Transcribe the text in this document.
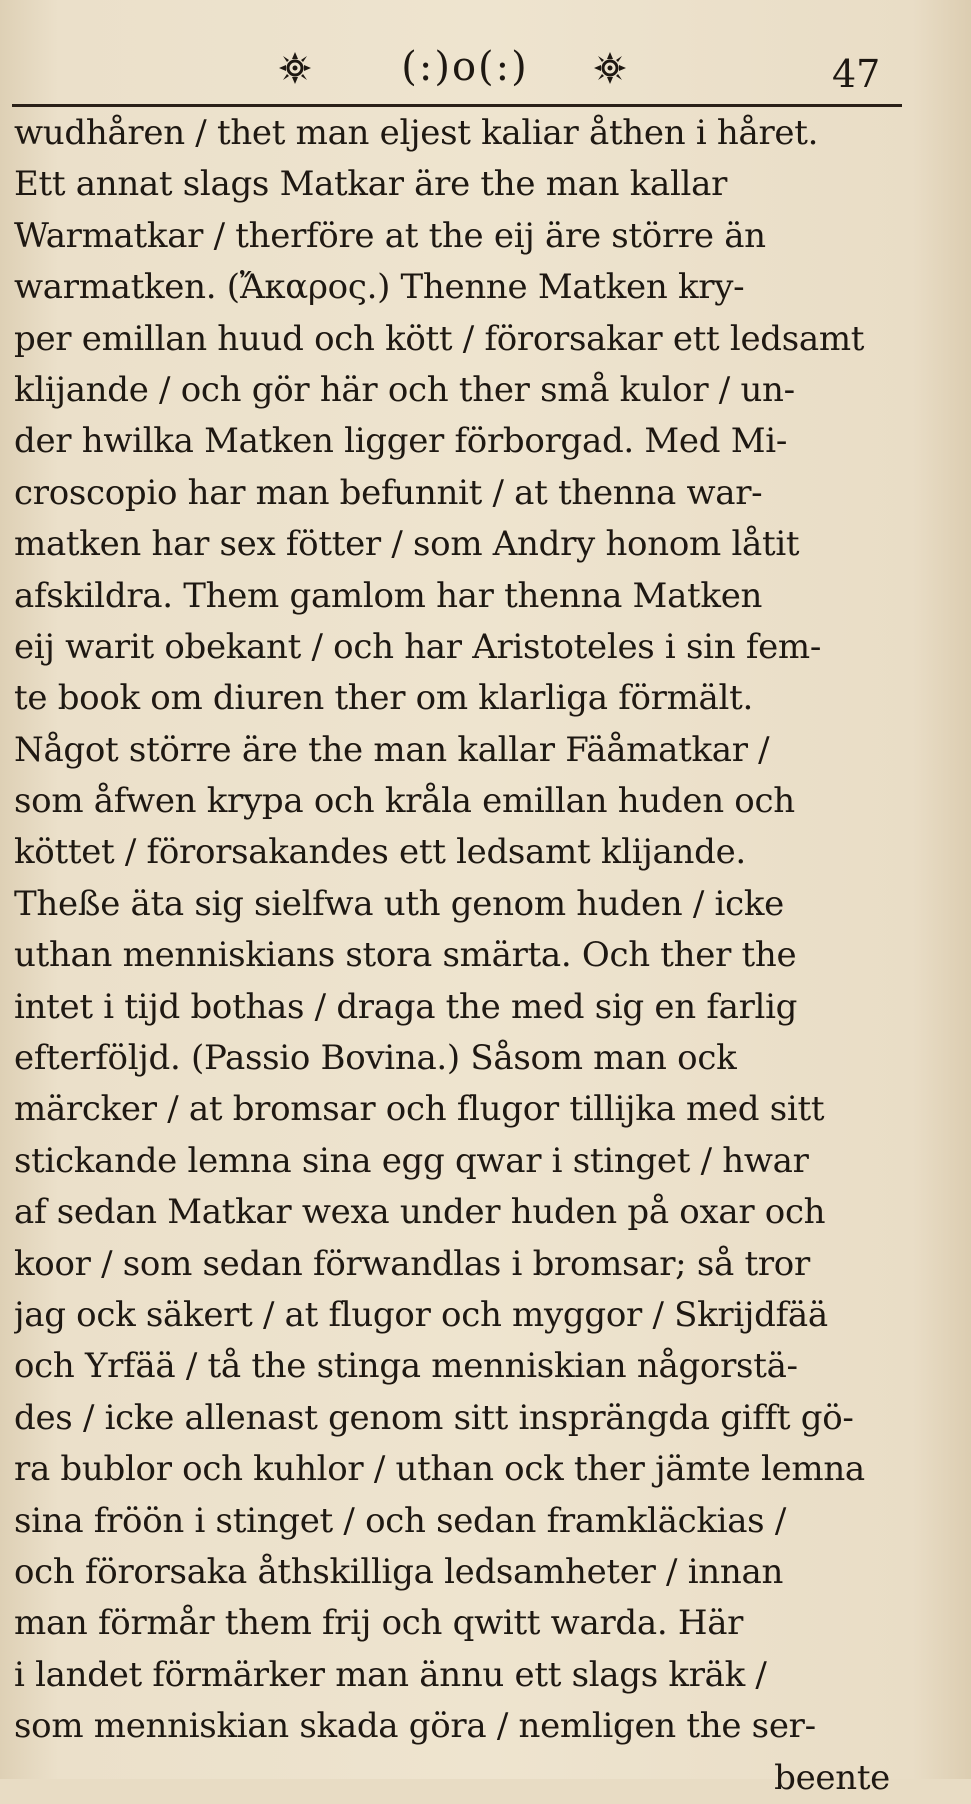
(:)o(:)	47
wudhåren / thet man eljest kaliar åthen i håret.
Ett annat slags Matkar äre the man kallar
Warmatkar / therföre at the eij äre större än
warmatken. (Ἄκαρος.) Thenne Matken kry-
per emillan huud och kött / förorsakar ett ledsamt
klijande / och gör här och ther små kulor / un-
der hwilka Matken ligger förborgad. Med Mi-
croscopio har man befunnit / at thenna war-
matken har sex fötter / som Andry honom låtit
afskildra. Them gamlom har thenna Matken
eij warit obekant / och har Aristoteles i sin fem-
te book om diuren ther om klarliga förmält.
Något större äre the man kallar Fäåmatkar /
som åfwen krypa och kråla emillan huden och
köttet / förorsakandes ett ledsamt klijande.
Theße äta sig sielfwa uth genom huden / icke
uthan menniskians stora smärta. Och ther the
intet i tijd bothas / draga the med sig en farlig
efterföljd. (Passio Bovina.) Såsom man ock
märcker / at bromsar och flugor tillijka med sitt
stickande lemna sina egg qwar i stinget / hwar
af sedan Matkar wexa under huden på oxar och
koor / som sedan förwandlas i bromsar; så tror
jag ock säkert / at flugor och myggor / Skrijdfää
och Yrfää / tå the stinga menniskian någorstä-
des / icke allenast genom sitt insprängda gifft gö-
ra bublor och kuhlor / uthan ock ther jämte lemna
sina fröön i stinget / och sedan framkläckias /
och förorsaka åthskilliga ledsamheter / innan
man förmår them frij och qwitt warda. Här
i landet förmärker man ännu ett slags kräk /
som menniskian skada göra / nemligen the ser-
beente
